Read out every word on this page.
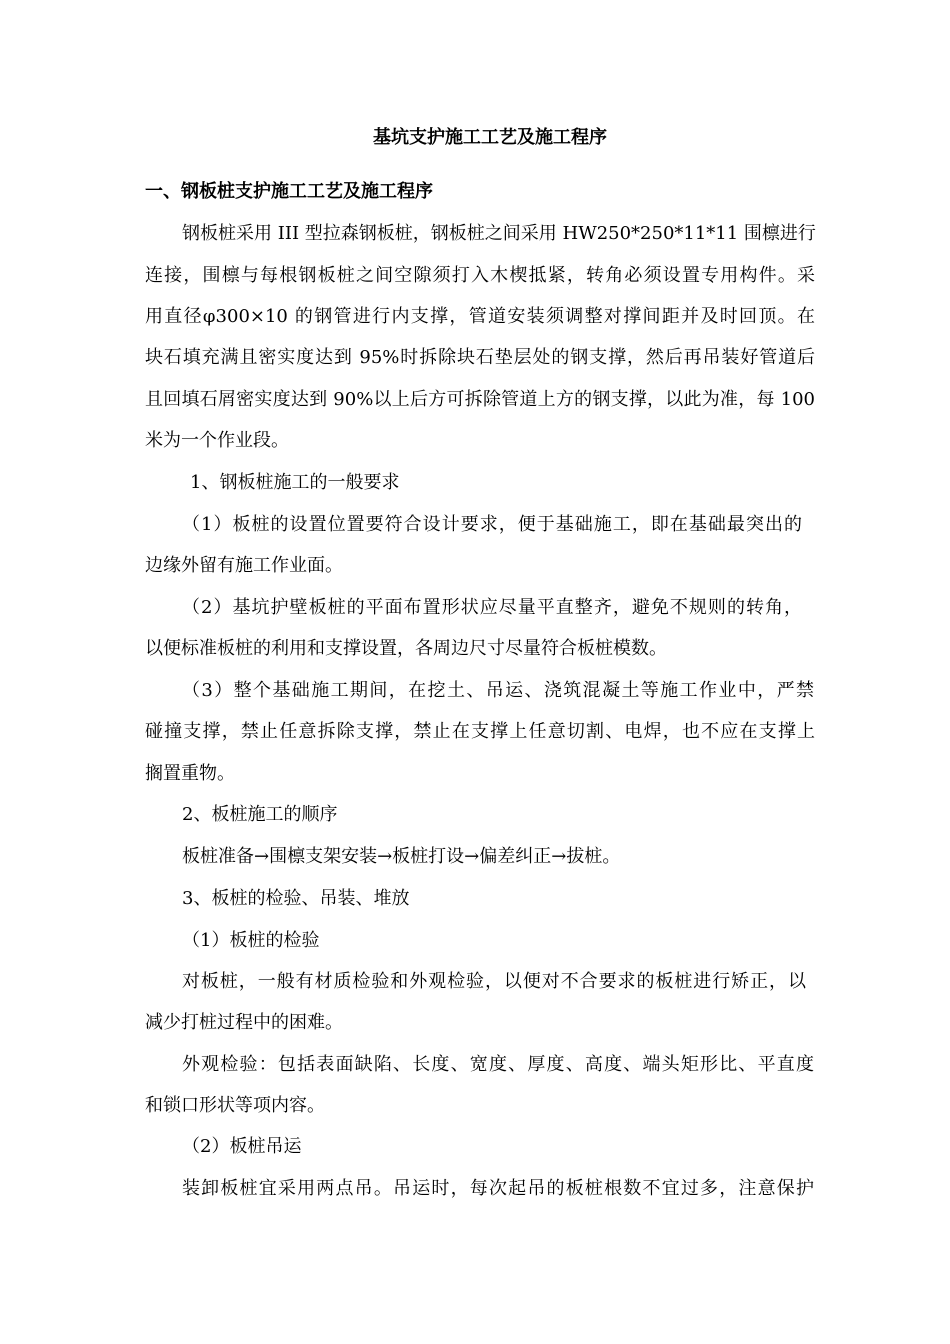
基坑支护施工工艺及施工程序
一、钢板桩支护施工工艺及施工程序
钢板桩采用 III 型拉森钢板桩，钢板桩之间采用 HW250*250*11*11 围檩进行
连接，围檩与每根钢板桩之间空隙须打入木楔抵紧，转角必须设置专用构件。采
用直径φ300×10 的钢管进行内支撑，管道安装须调整对撑间距并及时回顶。在
块石填充满且密实度达到 95%时拆除块石垫层处的钢支撑，然后再吊装好管道后
且回填石屑密实度达到 90%以上后方可拆除管道上方的钢支撑，以此为准，每 100
米为一个作业段。
1、钢板桩施工的一般要求
（1）板桩的设置位置要符合设计要求，便于基础施工，即在基础最突出的
边缘外留有施工作业面。
（2）基坑护壁板桩的平面布置形状应尽量平直整齐，避免不规则的转角，
以便标准板桩的利用和支撑设置，各周边尺寸尽量符合板桩模数。
（3）整个基础施工期间，在挖土、吊运、浇筑混凝土等施工作业中，严禁
碰撞支撑，禁止任意拆除支撑，禁止在支撑上任意切割、电焊，也不应在支撑上
搁置重物。
2、板桩施工的顺序
板桩准备→围檩支架安装→板桩打设→偏差纠正→拔桩。
3、板桩的检验、吊装、堆放
（1）板桩的检验
对板桩，一般有材质检验和外观检验，以便对不合要求的板桩进行矫正，以
减少打桩过程中的困难。
外观检验：包括表面缺陷、长度、宽度、厚度、高度、端头矩形比、平直度
和锁口形状等项内容。
（2）板桩吊运
装卸板桩宜采用两点吊。吊运时，每次起吊的板桩根数不宜过多，注意保护
